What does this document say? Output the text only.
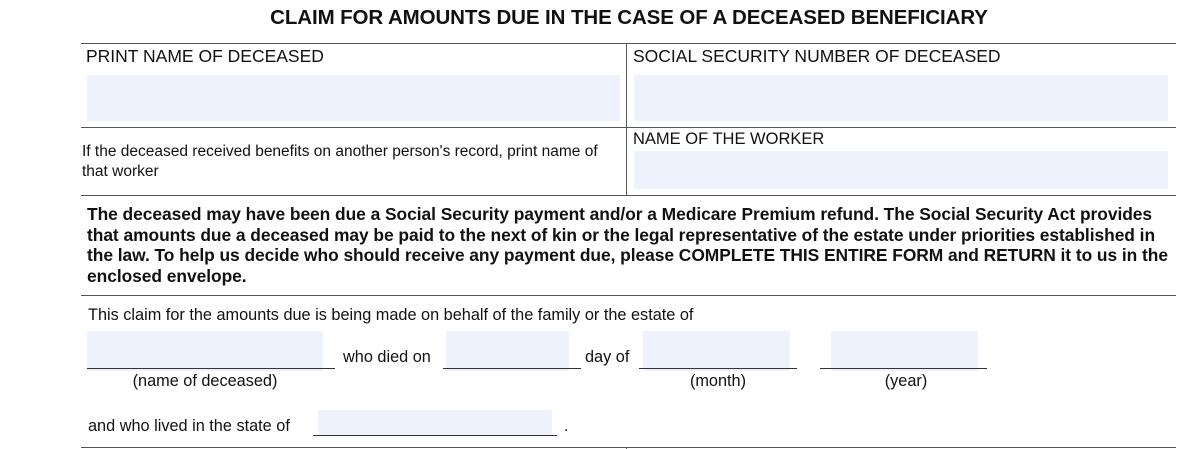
CLAIM FOR AMOUNTS DUE IN THE CASE OF A DECEASED BENEFICIARY
PRINT NAME OF DECEASED	SOCIAL SECURITY NUMBER OF DECEASED
If the deceased received benefits on another person's record, print name of that worker
NAME OF THE WORKER
The deceased may have been due a Social Security payment and/or a Medicare Premium refund. The Social Security Act provides that amounts due a deceased may be paid to the next of kin or the legal representative of the estate under priorities established in the law. To help us decide who should receive any payment due, please COMPLETE THIS ENTIRE FORM and RETURN it to us in the enclosed envelope.
This claim for the amounts due is being made on behalf of the family or the estate of
(name of deceased)
who died on	day of
(month)	(year)
and who lived in the state of	.
